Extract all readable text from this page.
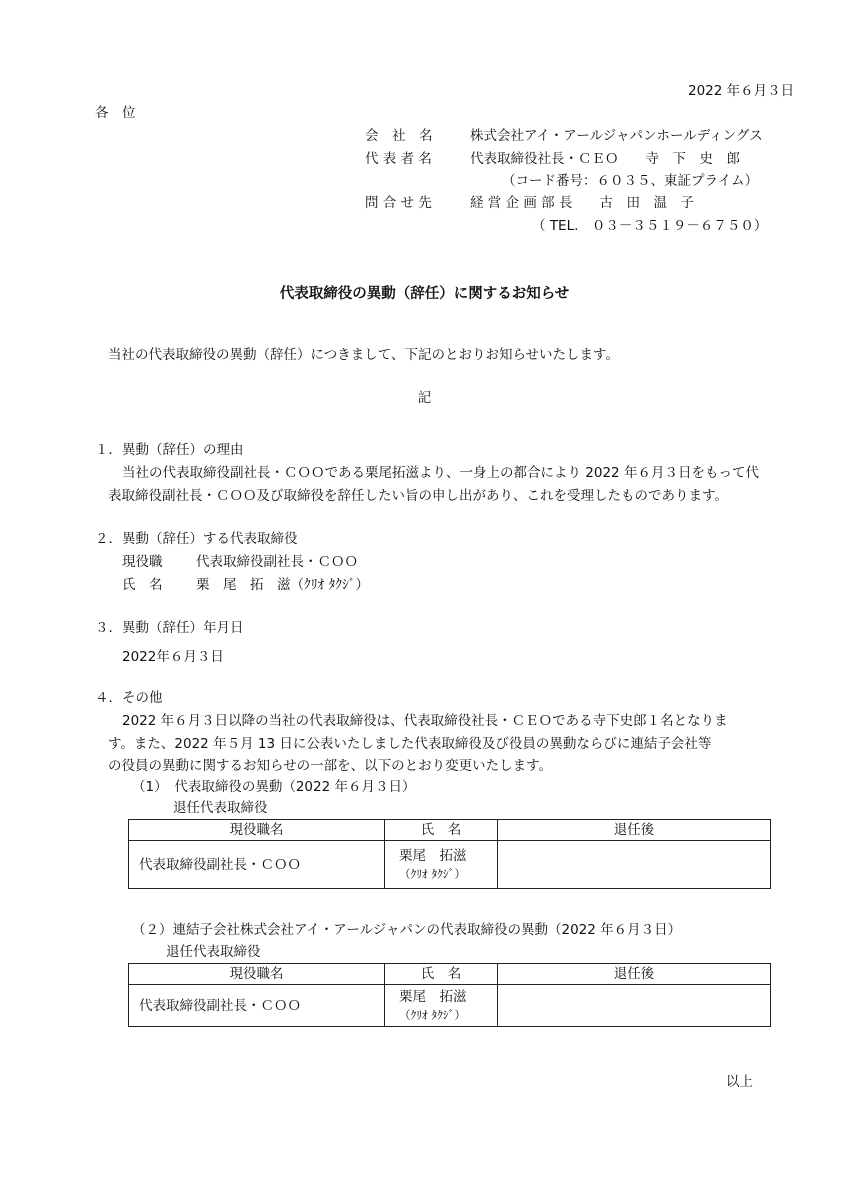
2022 年６月３日
各　位
会　社　名	株式会社アイ・アールジャパンホールディングス
代 表 者 名	代表取締役社長・ＣＥＯ　　寺　下　史　郎
（コード番号：６０３５、東証プライム）
問 合 せ 先	経 営 企 画 部 長　　古　田　温　子
（ TEL.　０３－３５１９－６７５０）
代表取締役の異動（辞任）に関するお知らせ
当社の代表取締役の異動（辞任）につきまして、下記のとおりお知らせいたします。
記
１．異動（辞任）の理由
当社の代表取締役副社長・ＣＯＯである栗尾拓滋より、一身上の都合により 2022 年６月３日をもって代
表取締役副社長・ＣＯＯ及び取締役を辞任したい旨の申し出があり、これを受理したものであります。
２．異動（辞任）する代表取締役
現役職 代表取締役副社長・ＣＯＯ
氏　名 栗　尾　拓　滋（ｸﾘｵ ﾀｸｼﾞ）
３．異動（辞任）年月日
2022年６月３日
４．その他
2022 年６月３日以降の当社の代表取締役は、代表取締役社長・ＣＥＯである寺下史郎１名となりま
す。また、2022 年５月 13 日に公表いたしました代表取締役及び役員の異動ならびに連結子会社等
の役員の異動に関するお知らせの一部を、以下のとおり変更いたします。
（1）　代表取締役の異動（2022 年６月３日）
退任代表取締役
現役職名	氏　名	退任後
代表取締役副社長・ＣＯＯ	栗尾　拓滋
（ｸﾘｵ ﾀｸｼﾞ）	

（２）連結子会社株式会社アイ・アールジャパンの代表取締役の異動（2022 年６月３日）
退任代表取締役
現役職名	氏　名	退任後
代表取締役副社長・ＣＯＯ	栗尾　拓滋
（ｸﾘｵ ﾀｸｼﾞ）	

以上
